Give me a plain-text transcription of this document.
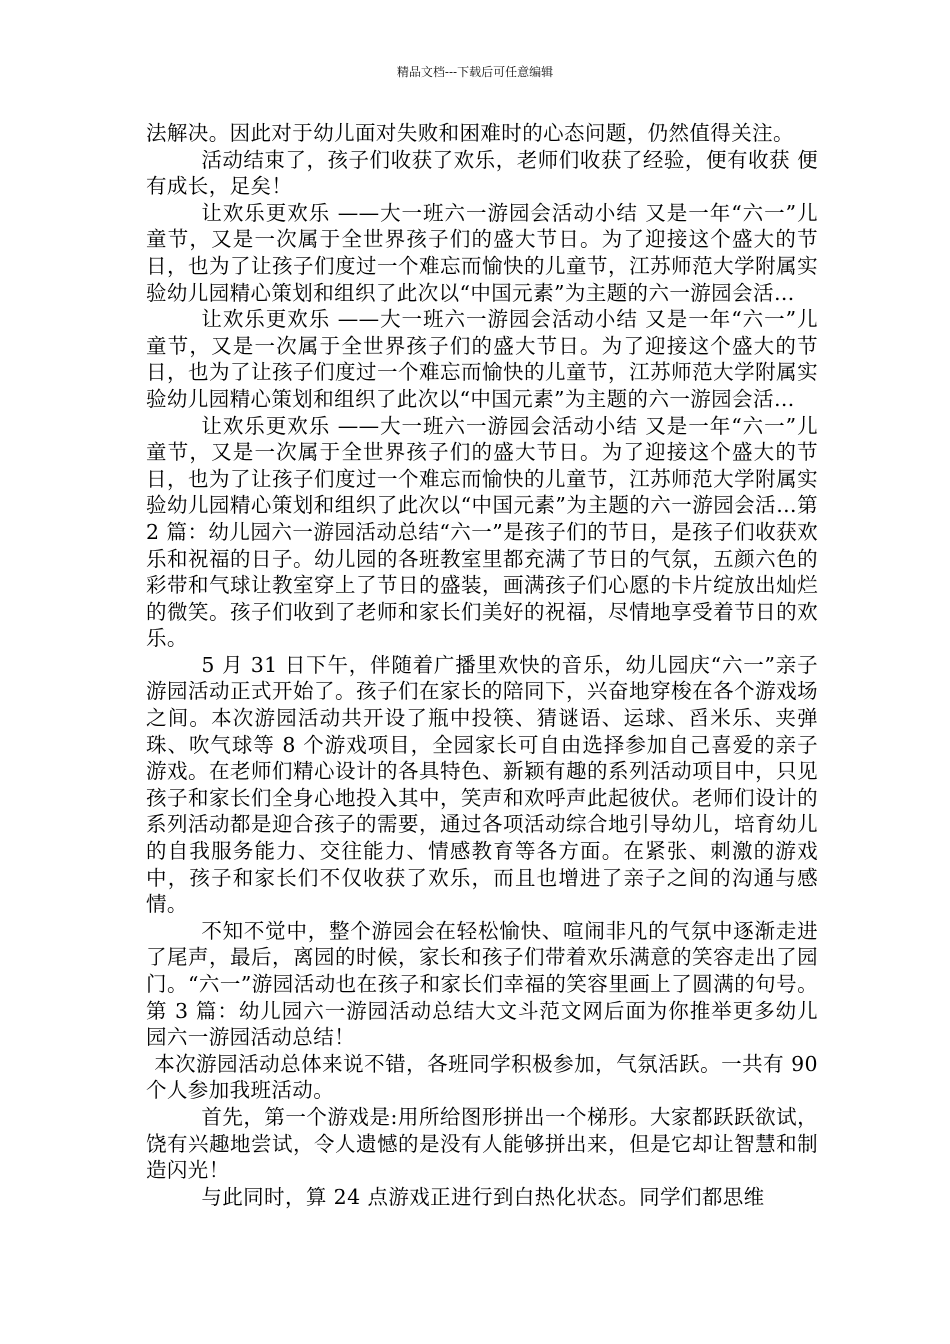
精品文档---下载后可任意编辑

法解决。因此对于幼儿面对失败和困难时的心态问题，仍然值得关注。

活动结束了，孩子们收获了欢乐，老师们收获了经验，便有收获 便有成长，足矣！

让欢乐更欢乐 ——大一班六一游园会活动小结 又是一年“六一”儿童节，又是一次属于全世界孩子们的盛大节日。为了迎接这个盛大的节日，也为了让孩子们度过一个难忘而愉快的儿童节，江苏师范大学附属实验幼儿园精心策划和组织了此次以“中国元素”为主题的六一游园会活…

让欢乐更欢乐 ——大一班六一游园会活动小结 又是一年“六一”儿童节，又是一次属于全世界孩子们的盛大节日。为了迎接这个盛大的节日，也为了让孩子们度过一个难忘而愉快的儿童节，江苏师范大学附属实验幼儿园精心策划和组织了此次以“中国元素”为主题的六一游园会活…

让欢乐更欢乐 ——大一班六一游园会活动小结 又是一年“六一”儿童节，又是一次属于全世界孩子们的盛大节日。为了迎接这个盛大的节日，也为了让孩子们度过一个难忘而愉快的儿童节，江苏师范大学附属实验幼儿园精心策划和组织了此次以“中国元素”为主题的六一游园会活…第 2 篇：幼儿园六一游园活动总结“六一”是孩子们的节日，是孩子们收获欢乐和祝福的日子。幼儿园的各班教室里都充满了节日的气氛，五颜六色的彩带和气球让教室穿上了节日的盛装，画满孩子们心愿的卡片绽放出灿烂的微笑。孩子们收到了老师和家长们美好的祝福，尽情地享受着节日的欢乐。

5 月 31 日下午，伴随着广播里欢快的音乐，幼儿园庆“六一”亲子游园活动正式开始了。孩子们在家长的陪同下，兴奋地穿梭在各个游戏场之间。本次游园活动共开设了瓶中投筷、猜谜语、运球、舀米乐、夹弹珠、吹气球等 8 个游戏项目，全园家长可自由选择参加自己喜爱的亲子游戏。在老师们精心设计的各具特色、新颖有趣的系列活动项目中，只见孩子和家长们全身心地投入其中，笑声和欢呼声此起彼伏。老师们设计的系列活动都是迎合孩子的需要，通过各项活动综合地引导幼儿，培育幼儿的自我服务能力、交往能力、情感教育等各方面。在紧张、刺激的游戏中，孩子和家长们不仅收获了欢乐，而且也增进了亲子之间的沟通与感情。

不知不觉中，整个游园会在轻松愉快、喧闹非凡的气氛中逐渐走进了尾声，最后，离园的时候，家长和孩子们带着欢乐满意的笑容走出了园门。“六一”游园活动也在孩子和家长们幸福的笑容里画上了圆满的句号。第 3 篇：幼儿园六一游园活动总结大文斗范文网后面为你推举更多幼儿园六一游园活动总结！

本次游园活动总体来说不错，各班同学积极参加，气氛活跃。一共有 90 个人参加我班活动。

首先，第一个游戏是:用所给图形拼出一个梯形。大家都跃跃欲试，饶有兴趣地尝试，令人遗憾的是没有人能够拼出来，但是它却让智慧和制造闪光！

与此同时，算 24 点游戏正进行到白热化状态。同学们都思维
